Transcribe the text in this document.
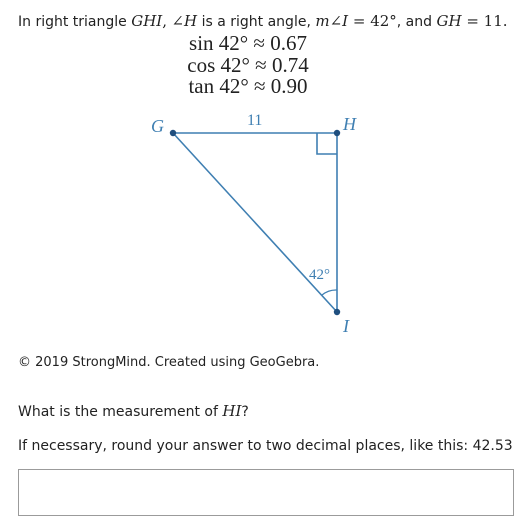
In right triangle GHI, ∠H is a right angle, m∠I = 42°, and GH = 11.
sin 42° ≈ 0.67
cos 42° ≈ 0.74
tan 42° ≈ 0.90
G	H
I
11
42°
© 2019 StrongMind. Created using GeoGebra.
What is the measurement of HI?
If necessary, round your answer to two decimal places, like this: 42.53
